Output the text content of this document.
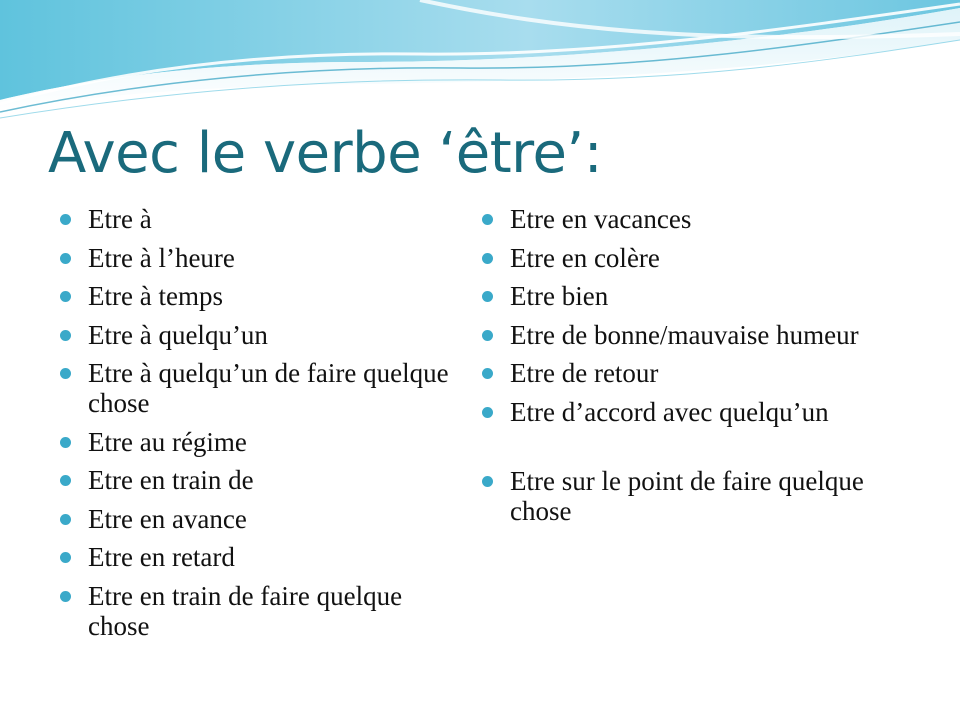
Avec le verbe ‘être’:
Etre à
Etre à l’heure
Etre à temps
Etre à quelqu’un
Etre à quelqu’un de faire quelque chose
Etre au régime
Etre en train de
Etre en avance
Etre en retard
Etre en train de faire quelque chose
Etre en vacances
Etre en colère
Etre bien
Etre de bonne/mauvaise humeur
Etre de retour
Etre d’accord avec quelqu’un
Etre sur le point de faire quelque chose
